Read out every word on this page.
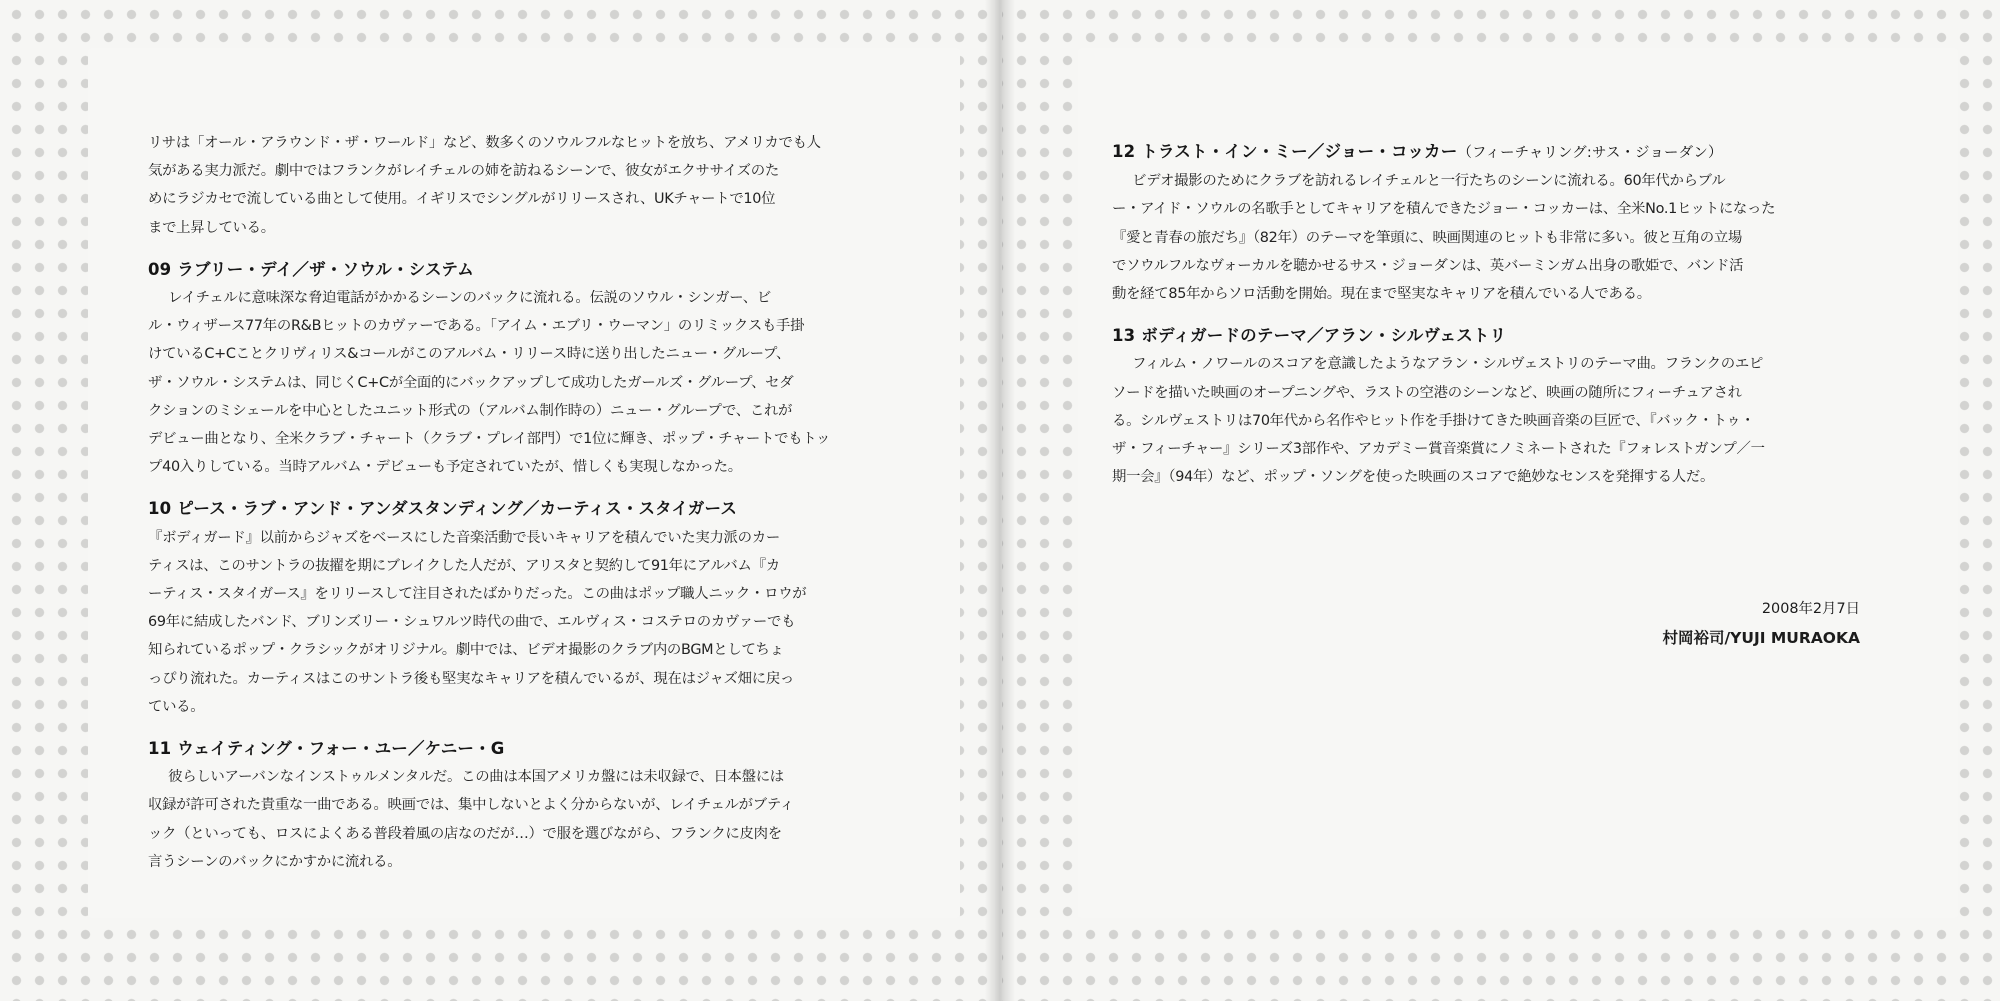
リサは「オール・アラウンド・ザ・ワールド」など、数多くのソウルフルなヒットを放ち、アメリカでも人
気がある実力派だ。劇中ではフランクがレイチェルの姉を訪ねるシーンで、彼女がエクササイズのた
めにラジカセで流している曲として使用。イギリスでシングルがリリースされ、UKチャートで10位
まで上昇している。
09 ラブリー・デイ／ザ・ソウル・システム
レイチェルに意味深な脅迫電話がかかるシーンのバックに流れる。伝説のソウル・シンガー、ビ
ル・ウィザース77年のR&Bヒットのカヴァーである。「アイム・エブリ・ウーマン」のリミックスも手掛
けているC+Cことクリヴィリス&コールがこのアルバム・リリース時に送り出したニュー・グループ、
ザ・ソウル・システムは、同じくC+Cが全面的にバックアップして成功したガールズ・グループ、セダ
クションのミシェールを中心としたユニット形式の（アルバム制作時の）ニュー・グループで、これが
デビュー曲となり、全米クラブ・チャート（クラブ・プレイ部門）で1位に輝き、ポップ・チャートでもトッ
プ40入りしている。当時アルバム・デビューも予定されていたが、惜しくも実現しなかった。
10 ピース・ラブ・アンド・アンダスタンディング／カーティス・スタイガース
『ボディガード』以前からジャズをベースにした音楽活動で長いキャリアを積んでいた実力派のカー
ティスは、このサントラの抜擢を期にブレイクした人だが、アリスタと契約して91年にアルバム『カ
ーティス・スタイガース』をリリースして注目されたばかりだった。この曲はポップ職人ニック・ロウが
69年に結成したバンド、ブリンズリー・シュワルツ時代の曲で、エルヴィス・コステロのカヴァーでも
知られているポップ・クラシックがオリジナル。劇中では、ビデオ撮影のクラブ内のBGMとしてちょ
っぴり流れた。カーティスはこのサントラ後も堅実なキャリアを積んでいるが、現在はジャズ畑に戻っ
ている。
11 ウェイティング・フォー・ユー／ケニー・G
彼らしいアーバンなインストゥルメンタルだ。この曲は本国アメリカ盤には未収録で、日本盤には
収録が許可された貴重な一曲である。映画では、集中しないとよく分からないが、レイチェルがブティ
ック（といっても、ロスによくある普段着風の店なのだが…）で服を選びながら、フランクに皮肉を
言うシーンのバックにかすかに流れる。
12 トラスト・イン・ミー／ジョー・コッカー（フィーチャリング:サス・ジョーダン）
ビデオ撮影のためにクラブを訪れるレイチェルと一行たちのシーンに流れる。60年代からブル
ー・アイド・ソウルの名歌手としてキャリアを積んできたジョー・コッカーは、全米No.1ヒットになった
『愛と青春の旅だち』（82年）のテーマを筆頭に、映画関連のヒットも非常に多い。彼と互角の立場
でソウルフルなヴォーカルを聴かせるサス・ジョーダンは、英バーミンガム出身の歌姫で、バンド活
動を経て85年からソロ活動を開始。現在まで堅実なキャリアを積んでいる人である。
13 ボディガードのテーマ／アラン・シルヴェストリ
フィルム・ノワールのスコアを意識したようなアラン・シルヴェストリのテーマ曲。フランクのエピ
ソードを描いた映画のオープニングや、ラストの空港のシーンなど、映画の随所にフィーチュアされ
る。シルヴェストリは70年代から名作やヒット作を手掛けてきた映画音楽の巨匠で、『バック・トゥ・
ザ・フィーチャー』シリーズ3部作や、アカデミー賞音楽賞にノミネートされた『フォレストガンプ／一
期一会』（94年）など、ポップ・ソングを使った映画のスコアで絶妙なセンスを発揮する人だ。
2008年2月7日
村岡裕司/YUJI MURAOKA
